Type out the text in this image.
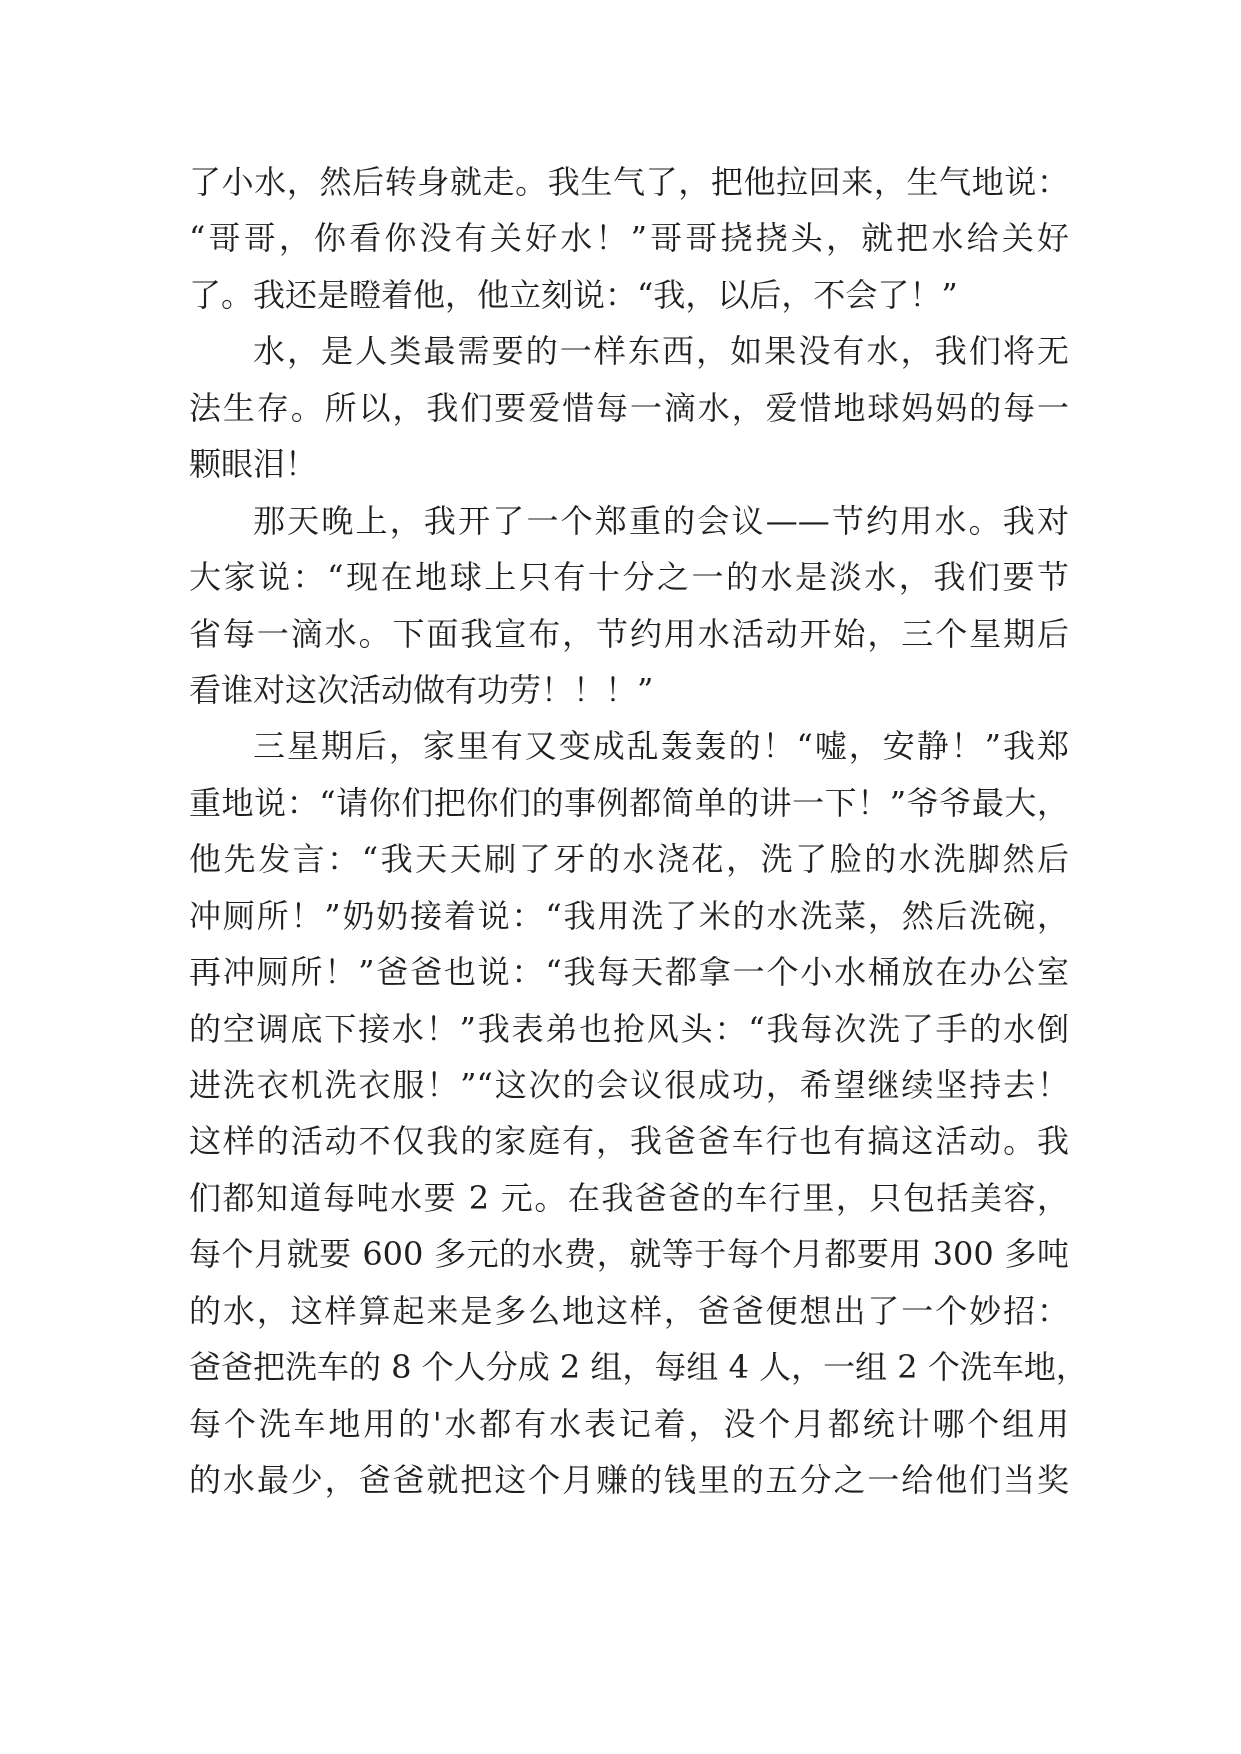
了小水，然后转身就走。我生气了，把他拉回来，生气地说：
“哥哥，你看你没有关好水！”哥哥挠挠头，就把水给关好
了。我还是瞪着他，他立刻说：“我，以后，不会了！”
水，是人类最需要的一样东西，如果没有水，我们将无
法生存。所以，我们要爱惜每一滴水，爱惜地球妈妈的每一
颗眼泪！
那天晚上，我开了一个郑重的会议——节约用水。我对
大家说：“现在地球上只有十分之一的水是淡水，我们要节
省每一滴水。下面我宣布，节约用水活动开始，三个星期后
看谁对这次活动做有功劳！！！”
三星期后，家里有又变成乱轰轰的！“嘘，安静！”我郑
重地说：“请你们把你们的事例都简单的讲一下！”爷爷最大，
他先发言：“我天天刷了牙的水浇花，洗了脸的水洗脚然后
冲厕所！”奶奶接着说：“我用洗了米的水洗菜，然后洗碗，
再冲厕所！”爸爸也说：“我每天都拿一个小水桶放在办公室
的空调底下接水！”我表弟也抢风头：“我每次洗了手的水倒
进洗衣机洗衣服！”“这次的会议很成功，希望继续坚持去！
这样的活动不仅我的家庭有，我爸爸车行也有搞这活动。我
们都知道每吨水要 2 元。在我爸爸的车行里，只包括美容，
每个月就要 600 多元的水费，就等于每个月都要用 300 多吨
的水，这样算起来是多么地这样，爸爸便想出了一个妙招：
爸爸把洗车的 8 个人分成 2 组，每组 4 人，一组 2 个洗车地，
每个洗车地用的'水都有水表记着，没个月都统计哪个组用
的水最少，爸爸就把这个月赚的钱里的五分之一给他们当奖
